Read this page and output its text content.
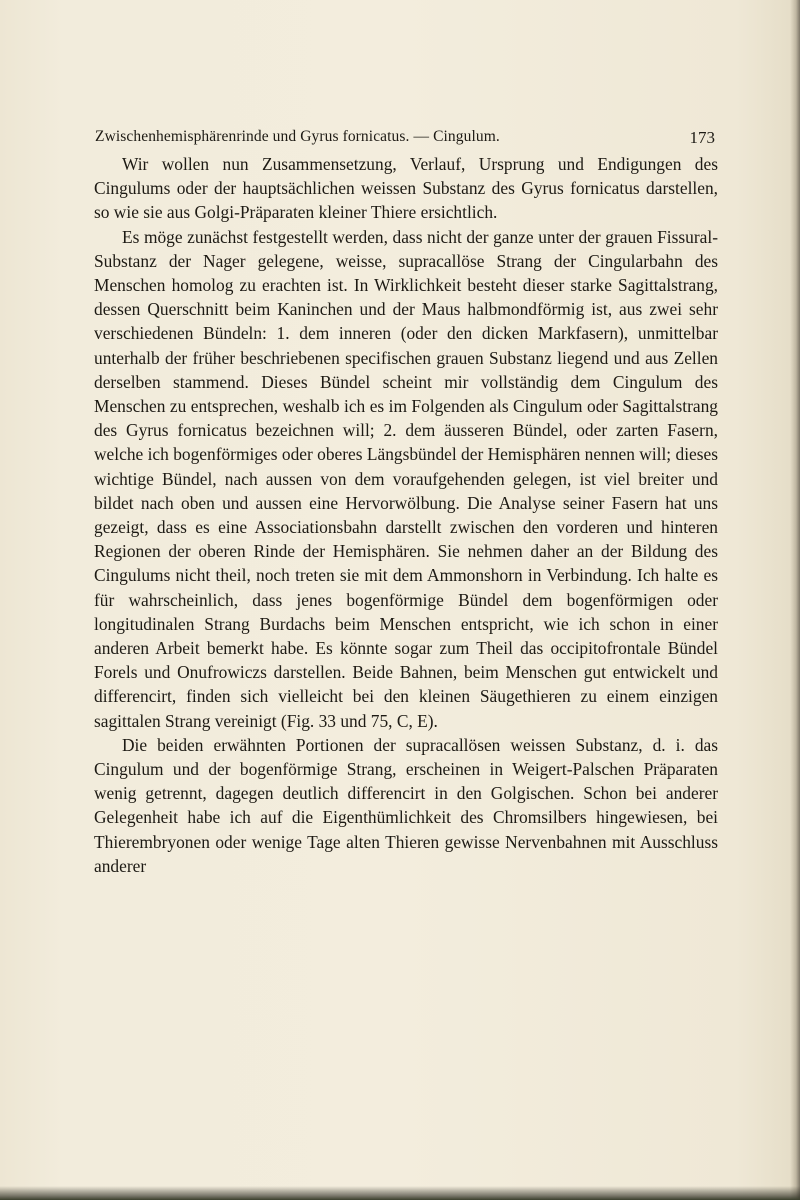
Zwischenhemisphärenrinde und Gyrus fornicatus. — Cingulum.	173

Wir wollen nun Zusammensetzung, Verlauf, Ursprung und Endigungen des Cingulums oder der hauptsächlichen weissen Substanz des Gyrus fornicatus darstellen, so wie sie aus Golgi-Präparaten kleiner Thiere ersichtlich.

Es möge zunächst festgestellt werden, dass nicht der ganze unter der grauen Fissural-Substanz der Nager gelegene, weisse, supracallöse Strang der Cingularbahn des Menschen homolog zu erachten ist. In Wirklichkeit besteht dieser starke Sagittalstrang, dessen Querschnitt beim Kaninchen und der Maus halbmondförmig ist, aus zwei sehr verschiedenen Bündeln: 1. dem inneren (oder den dicken Markfasern), unmittelbar unterhalb der früher beschriebenen specifischen grauen Substanz liegend und aus Zellen derselben stammend. Dieses Bündel scheint mir vollständig dem Cingulum des Menschen zu entsprechen, weshalb ich es im Folgenden als Cingulum oder Sagittalstrang des Gyrus fornicatus bezeichnen will; 2. dem äusseren Bündel, oder zarten Fasern, welche ich bogenförmiges oder oberes Längsbündel der Hemisphären nennen will; dieses wichtige Bündel, nach aussen von dem voraufgehenden gelegen, ist viel breiter und bildet nach oben und aussen eine Hervorwölbung. Die Analyse seiner Fasern hat uns gezeigt, dass es eine Associationsbahn darstellt zwischen den vorderen und hinteren Regionen der oberen Rinde der Hemisphären. Sie nehmen daher an der Bildung des Cingulums nicht theil, noch treten sie mit dem Ammonshorn in Verbindung. Ich halte es für wahrscheinlich, dass jenes bogenförmige Bündel dem bogenförmigen oder longitudinalen Strang Burdachs beim Menschen entspricht, wie ich schon in einer anderen Arbeit bemerkt habe. Es könnte sogar zum Theil das occipitofrontale Bündel Forels und Onufrowiczs darstellen. Beide Bahnen, beim Menschen gut entwickelt und differencirt, finden sich vielleicht bei den kleinen Säugethieren zu einem einzigen sagittalen Strang vereinigt (Fig. 33 und 75, C, E).

Die beiden erwähnten Portionen der supracallösen weissen Substanz, d. i. das Cingulum und der bogenförmige Strang, erscheinen in Weigert-Palschen Präparaten wenig getrennt, dagegen deutlich differencirt in den Golgischen. Schon bei anderer Gelegenheit habe ich auf die Eigenthümlichkeit des Chromsilbers hingewiesen, bei Thierembryonen oder wenige Tage alten Thieren gewisse Nervenbahnen mit Ausschluss anderer
